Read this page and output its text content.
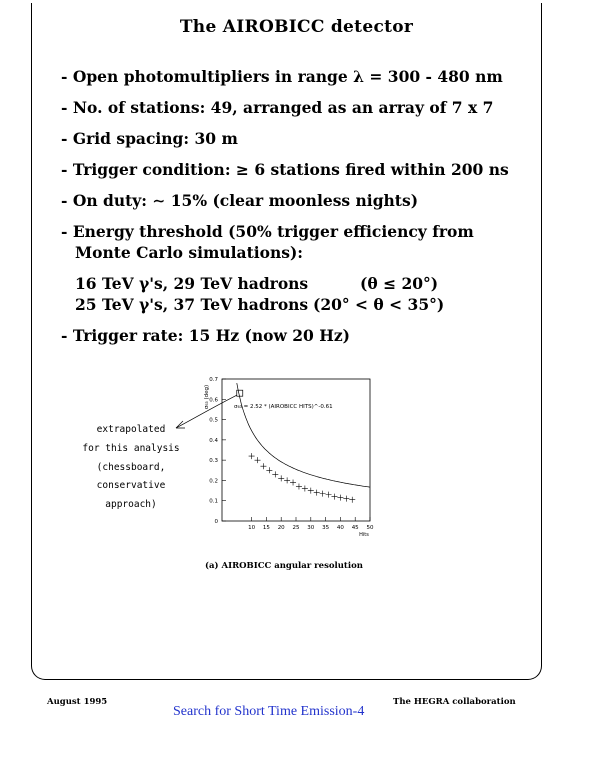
The AIROBICC detector
- Open photomultipliers in range λ = 300 - 480 nm
- No. of stations: 49, arranged as an array of 7 x 7
- Grid spacing: 30 m
- Trigger condition: ≥ 6 stations fired within 200 ns
- On duty: ∼ 15% (clear moonless nights)
- Energy threshold (50% trigger efficiency from
Monte Carlo simulations):
16 TeV γ's, 29 TeV hadrons	(θ ≤ 20°)
25 TeV γ's, 37 TeV hadrons (20° < θ < 35°)
- Trigger rate: 15 Hz (now 20 Hz)
extrapolated
for this analysis
(chessboard,
conservative
approach)
0
0.1
0.2
0.3
0.4
0.5
0.6
0.7
10 15 20 25 30 35 40 45 50
σ₆₃ (deg)
Hits
σ₆₃ = 2.52 * (AIROBICC HITS)^-0.61
(a) AIROBICC angular resolution
August 1995	The HEGRA collaboration
Search for Short Time Emission-4
